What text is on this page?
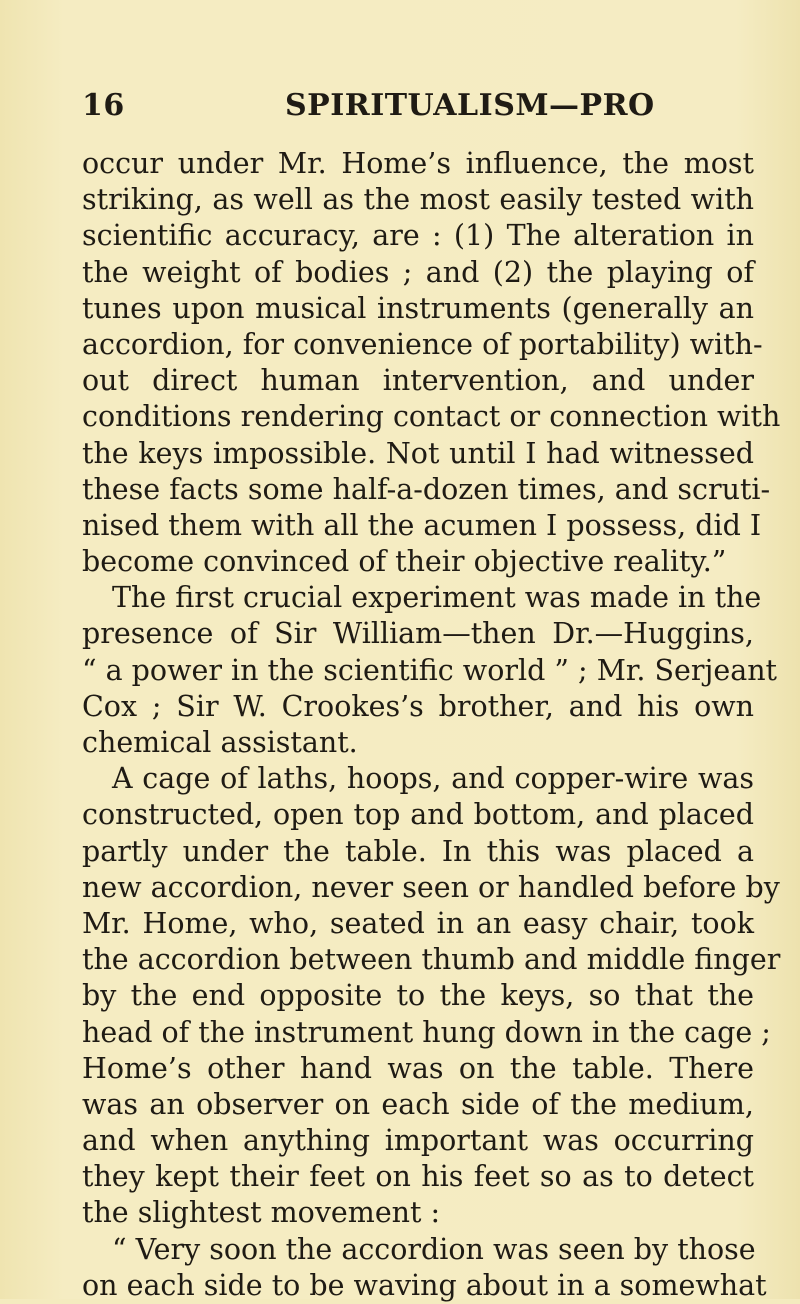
16	SPIRITUALISM—PRO
occur under Mr. Home’s influence, the most
striking, as well as the most easily tested with
scientific accuracy, are : (1) The alteration in
the weight of bodies ; and (2) the playing of
tunes upon musical instruments (generally an
accordion, for convenience of portability) with-
out direct human intervention, and under
conditions rendering contact or connection with
the keys impossible. Not until I had witnessed
these facts some half-a-dozen times, and scruti-
nised them with all the acumen I possess, did I
become convinced of their objective reality.”
The first crucial experiment was made in the
presence of Sir William—then Dr.—Huggins,
“ a power in the scientific world ” ; Mr. Serjeant
Cox ; Sir W. Crookes’s brother, and his own
chemical assistant.
A cage of laths, hoops, and copper-wire was
constructed, open top and bottom, and placed
partly under the table. In this was placed a
new accordion, never seen or handled before by
Mr. Home, who, seated in an easy chair, took
the accordion between thumb and middle finger
by the end opposite to the keys, so that the
head of the instrument hung down in the cage ;
Home’s other hand was on the table. There
was an observer on each side of the medium,
and when anything important was occurring
they kept their feet on his feet so as to detect
the slightest movement :
“ Very soon the accordion was seen by those
on each side to be waving about in a somewhat
